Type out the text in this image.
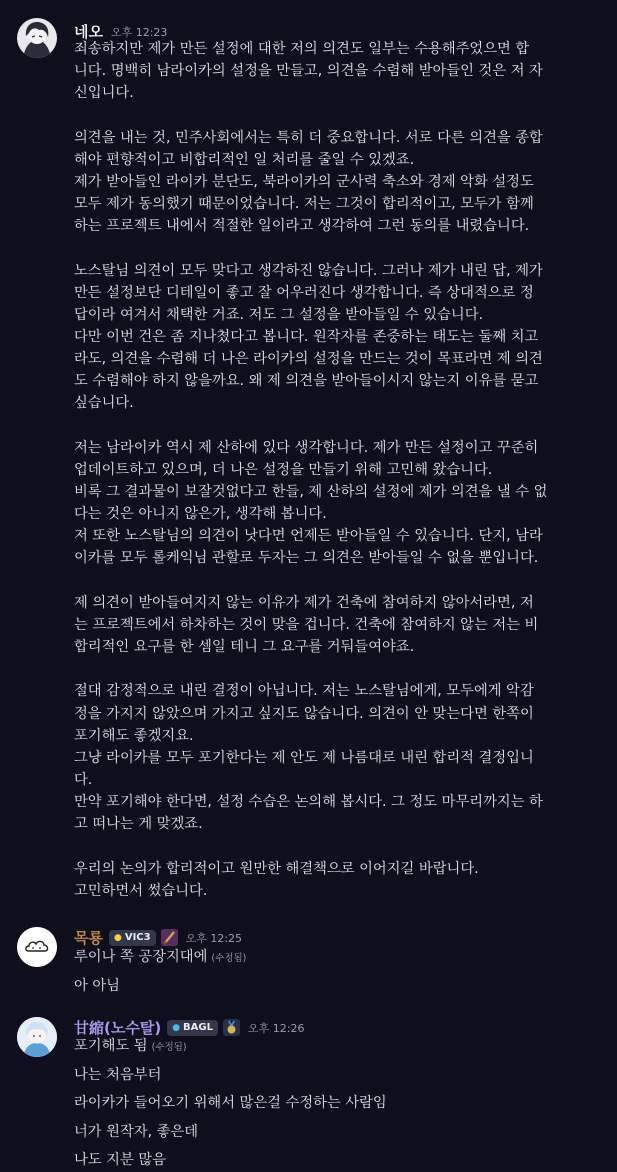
네오 오후 12:23
죄송하지만 제가 만든 설정에 대한 저의 의견도 일부는 수용해주었으면 합
니다. 명백히 남라이카의 설정을 만들고, 의견을 수렴해 받아들인 것은 저 자
신입니다.
의견을 내는 것, 민주사회에서는 특히 더 중요합니다. 서로 다른 의견을 종합
해야 편향적이고 비합리적인 일 처리를 줄일 수 있겠죠.
제가 받아들인 라이카 분단도, 북라이카의 군사력 축소와 경제 악화 설정도
모두 제가 동의했기 때문이었습니다. 저는 그것이 합리적이고, 모두가 함께
하는 프로젝트 내에서 적절한 일이라고 생각하여 그런 동의를 내렸습니다.
노스탈님 의견이 모두 맞다고 생각하진 않습니다. 그러나 제가 내린 답, 제가
만든 설정보단 디테일이 좋고 잘 어우러진다 생각합니다. 즉 상대적으로 정
답이라 여겨서 채택한 거죠. 저도 그 설정을 받아들일 수 있습니다.
다만 이번 건은 좀 지나쳤다고 봅니다. 원작자를 존중하는 태도는 둘째 치고
라도, 의견을 수렴해 더 나은 라이카의 설정을 만드는 것이 목표라면 제 의견
도 수렴해야 하지 않을까요. 왜 제 의견을 받아들이시지 않는지 이유를 묻고
싶습니다.
저는 남라이카 역시 제 산하에 있다 생각합니다. 제가 만든 설정이고 꾸준히
업데이트하고 있으며, 더 나은 설정을 만들기 위해 고민해 왔습니다.
비록 그 결과물이 보잘것없다고 한들, 제 산하의 설정에 제가 의견을 낼 수 없
다는 것은 아니지 않은가, 생각해 봅니다.
저 또한 노스탈님의 의견이 낫다면 언제든 받아들일 수 있습니다. 단지, 남라
이카를 모두 롤케익님 관할로 두자는 그 의견은 받아들일 수 없을 뿐입니다.
제 의견이 받아들여지지 않는 이유가 제가 건축에 참여하지 않아서라면, 저
는 프로젝트에서 하차하는 것이 맞을 겁니다. 건축에 참여하지 않는 저는 비
합리적인 요구를 한 셈일 테니 그 요구를 거둬들여야죠.
절대 감정적으로 내린 결정이 아닙니다. 저는 노스탈님에게, 모두에게 악감
정을 가지지 않았으며 가지고 싶지도 않습니다. 의견이 안 맞는다면 한쪽이
포기해도 좋겠지요.
그냥 라이카를 모두 포기한다는 제 안도 제 나름대로 내린 합리적 결정입니
다.
만약 포기해야 한다면, 설정 수습은 논의해 봅시다. 그 정도 마무리까지는 하
고 떠나는 게 맞겠죠.
우리의 논의가 합리적이고 원만한 해결책으로 이어지길 바랍니다.
고민하면서 썼습니다.
목룡 ● VIC3	오후 12:25
루이나 쪽 공장지대에 (수정됨)
아 아님
甘縮(노수탈) ● BAGL	오후 12:26
포기해도 됨 (수정됨)
나는 처음부터
라이카가 들어오기 위해서 많은걸 수정하는 사람임
너가 원작자, 좋은데
나도 지분 많음
